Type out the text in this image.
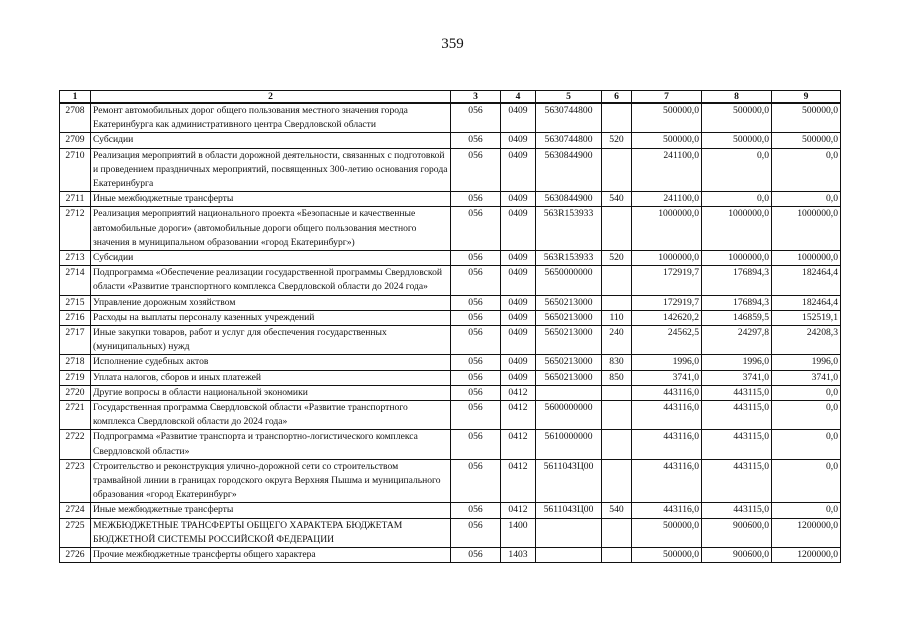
359
1	2	3	4	5	6	7	8	9
2708	Ремонт автомобильных дорог общего пользования местного значения города Екатеринбурга как административного центра Свердловской области	056	0409	5630744800		500000,0	500000,0	500000,0
2709	Субсидии	056	0409	5630744800	520	500000,0	500000,0	500000,0
2710	Реализация мероприятий в области дорожной деятельности, связанных с подготовкой и проведением праздничных мероприятий, посвященных 300-летию основания города Екатеринбурга	056	0409	5630844900		241100,0	0,0	0,0
2711	Иные межбюджетные трансферты	056	0409	5630844900	540	241100,0	0,0	0,0
2712	Реализация мероприятий национального проекта «Безопасные и качественные автомобильные дороги» (автомобильные дороги общего пользования местного значения в муниципальном образовании «город Екатеринбург»)	056	0409	563R153933		1000000,0	1000000,0	1000000,0
2713	Субсидии	056	0409	563R153933	520	1000000,0	1000000,0	1000000,0
2714	Подпрограмма «Обеспечение реализации государственной программы Свердловской области «Развитие транспортного комплекса Свердловской области до 2024 года»	056	0409	5650000000		172919,7	176894,3	182464,4
2715	Управление дорожным хозяйством	056	0409	5650213000		172919,7	176894,3	182464,4
2716	Расходы на выплаты персоналу казенных учреждений	056	0409	5650213000	110	142620,2	146859,5	152519,1
2717	Иные закупки товаров, работ и услуг для обеспечения государственных (муниципальных) нужд	056	0409	5650213000	240	24562,5	24297,8	24208,3
2718	Исполнение судебных актов	056	0409	5650213000	830	1996,0	1996,0	1996,0
2719	Уплата налогов, сборов и иных платежей	056	0409	5650213000	850	3741,0	3741,0	3741,0
2720	Другие вопросы в области национальной экономики	056	0412			443116,0	443115,0	0,0
2721	Государственная программа Свердловской области «Развитие транспортного комплекса Свердловской области до 2024 года»	056	0412	5600000000		443116,0	443115,0	0,0
2722	Подпрограмма «Развитие транспорта и транспортно-логистического комплекса Свердловской области»	056	0412	5610000000		443116,0	443115,0	0,0
2723	Строительство и реконструкция улично-дорожной сети со строительством трамвайной линии в границах городского округа Верхняя Пышма и муниципального образования «город Екатеринбург»	056	0412	561104ЗЦ00		443116,0	443115,0	0,0
2724	Иные межбюджетные трансферты	056	0412	561104ЗЦ00	540	443116,0	443115,0	0,0
2725	МЕЖБЮДЖЕТНЫЕ ТРАНСФЕРТЫ ОБЩЕГО ХАРАКТЕРА БЮДЖЕТАМ БЮДЖЕТНОЙ СИСТЕМЫ РОССИЙСКОЙ ФЕДЕРАЦИИ	056	1400			500000,0	900600,0	1200000,0
2726	Прочие межбюджетные трансферты общего характера	056	1403			500000,0	900600,0	1200000,0
